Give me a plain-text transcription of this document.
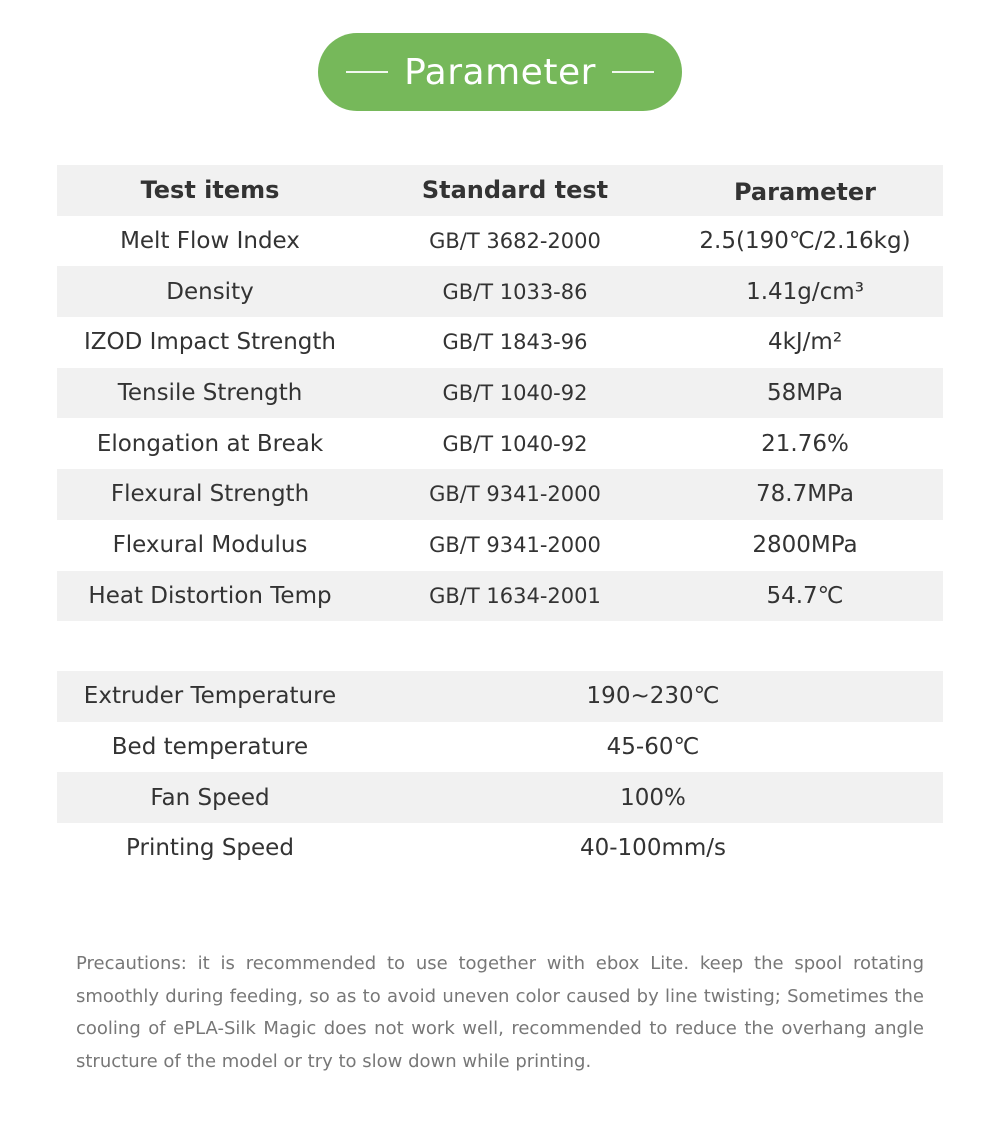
Parameter
Test items	Standard test	Parameter
Melt Flow Index	GB/T 3682-2000	2.5(190℃/2.16kg)
Density	GB/T 1033-86	1.41g/cm³
IZOD Impact Strength	GB/T 1843-96	4kJ/m²
Tensile Strength	GB/T 1040-92	58MPa
Elongation at Break	GB/T 1040-92	21.76%
Flexural Strength	GB/T 9341-2000	78.7MPa
Flexural Modulus	GB/T 9341-2000	2800MPa
Heat Distortion Temp	GB/T 1634-2001	54.7℃
Extruder Temperature	190~230℃
Bed temperature	45-60℃
Fan Speed	100%
Printing Speed	40-100mm/s

Precautions: it is recommended to use together with ebox Lite. keep the spool rotating smoothly during feeding, so as to avoid uneven color caused by line twisting; Sometimes the cooling of ePLA-Silk Magic does not work well, recommended to reduce the overhang angle structure of the model or try to slow down while printing.
